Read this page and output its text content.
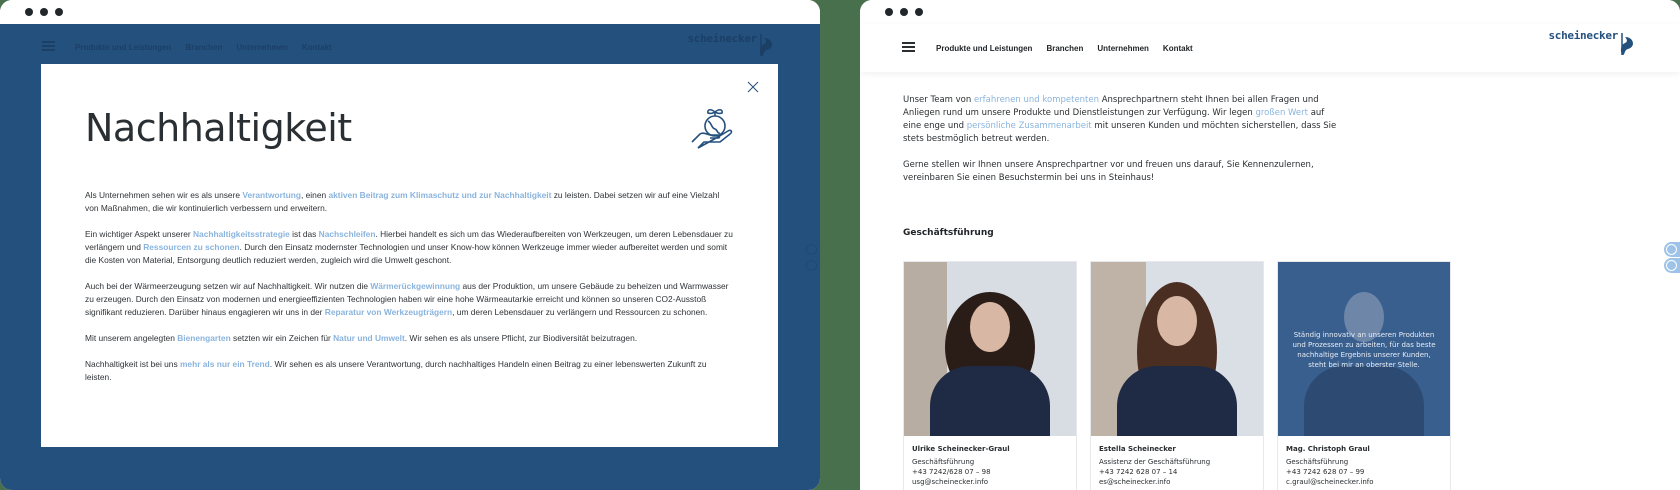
Produkte und Leistungen Branchen Unternehmen Kontakt
scheinecker
Nachhaltigkeit

Als Unternehmen sehen wir es als unsere Verantwortung, einen aktiven Beitrag zum Klimaschutz und zur Nachhaltigkeit zu leisten. Dabei setzen wir auf eine Vielzahl von Maßnahmen, die wir kontinuierlich verbessern und erweitern.

Ein wichtiger Aspekt unserer Nachhaltigkeitsstrategie ist das Nachschleifen. Hierbei handelt es sich um das Wiederaufbereiten von Werkzeugen, um deren Lebensdauer zu verlängern und Ressourcen zu schonen. Durch den Einsatz modernster Technologien und unser Know-how können Werkzeuge immer wieder aufbereitet werden und somit die Kosten von Material, Entsorgung deutlich reduziert werden, zugleich wird die Umwelt geschont.

Auch bei der Wärmeerzeugung setzen wir auf Nachhaltigkeit. Wir nutzen die Wärmerückgewinnung aus der Produktion, um unsere Gebäude zu beheizen und Warmwasser zu erzeugen. Durch den Einsatz von modernen und energieeffizienten Technologien haben wir eine hohe Wärmeautarkie erreicht und können so unseren CO2-Ausstoß signifikant reduzieren. Darüber hinaus engagieren wir uns in der Reparatur von Werkzeugträgern, um deren Lebensdauer zu verlängern und Ressourcen zu schonen.

Mit unserem angelegten Bienengarten setzten wir ein Zeichen für Natur und Umwelt. Wir sehen es als unsere Pflicht, zur Biodiversität beizutragen.

Nachhaltigkeit ist bei uns mehr als nur ein Trend. Wir sehen es als unsere Verantwortung, durch nachhaltiges Handeln einen Beitrag zu einer lebenswerten Zukunft zu leisten.

Produkte und Leistungen Branchen Unternehmen Kontakt
scheinecker

Unser Team von erfahrenen und kompetenten Ansprechpartnern steht Ihnen bei allen Fragen und Anliegen rund um unsere Produkte und Dienstleistungen zur Verfügung. Wir legen großen Wert auf eine enge und persönliche Zusammenarbeit mit unseren Kunden und möchten sicherstellen, dass Sie stets bestmöglich betreut werden.

Gerne stellen wir Ihnen unsere Ansprechpartner vor und freuen uns darauf, Sie Kennenzulernen, vereinbaren Sie einen Besuchstermin bei uns in Steinhaus!

Geschäftsführung
Ulrike Scheinecker-Graul
Geschäftsführung
+43 7242/628 07 – 98
usg@scheinecker.info
Estella Scheinecker
Assistenz der Geschäftsführung
+43 7242 628 07 – 14
es@scheinecker.info
Ständig innovativ an unseren Produkten und Prozessen zu arbeiten, für das beste nachhaltige Ergebnis unserer Kunden, steht bei mir an oberster Stelle.
Mag. Christoph Graul
Geschäftsführung
+43 7242 628 07 – 99
c.graul@scheinecker.info
